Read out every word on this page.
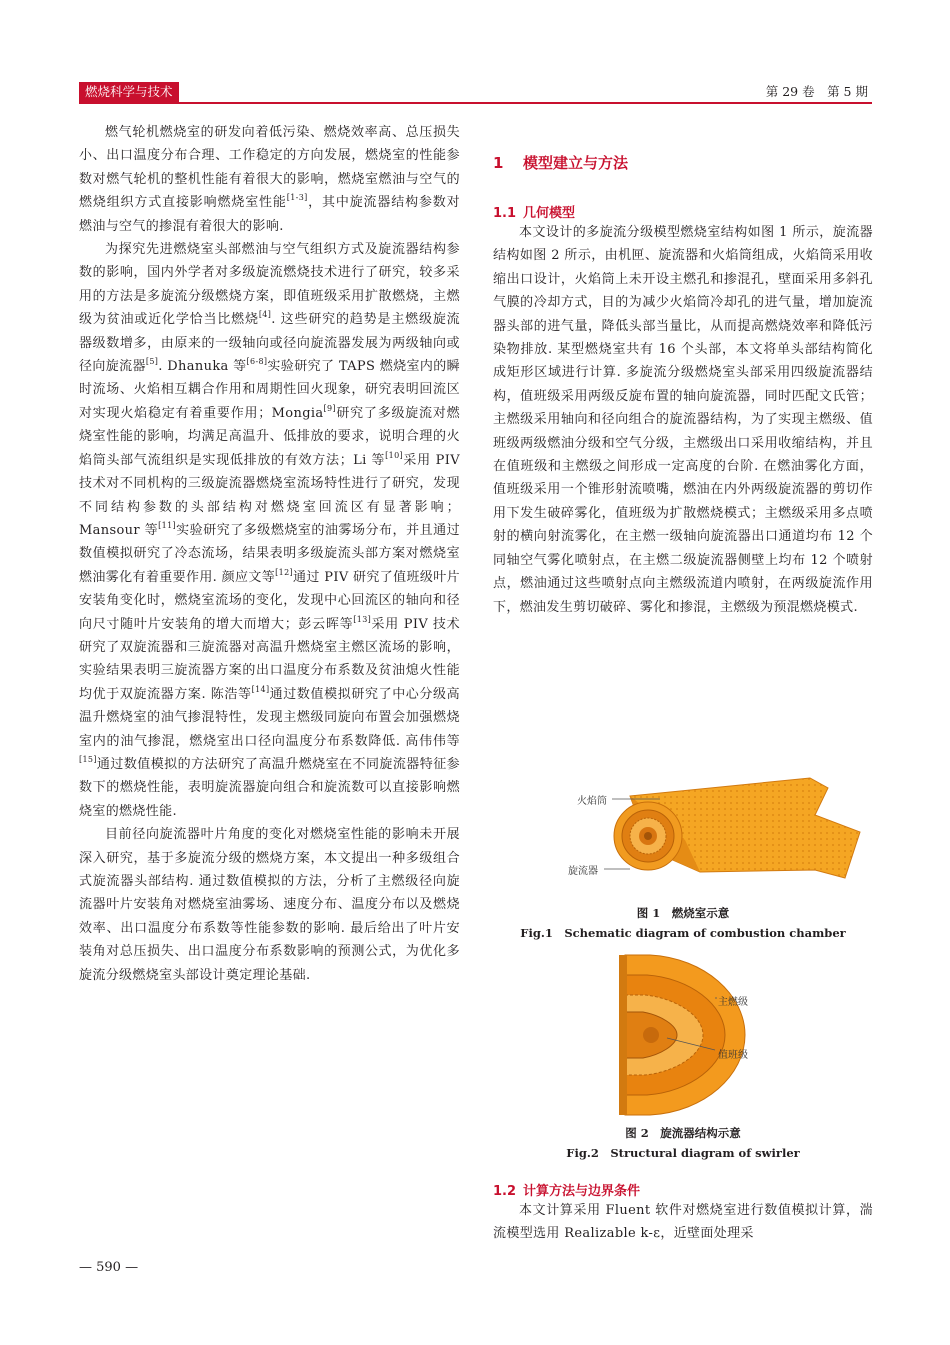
燃烧科学与技术	第 29 卷　第 5 期

燃气轮机燃烧室的研发向着低污染、燃烧效率高、总压损失小、出口温度分布合理、工作稳定的方向发展，燃烧室的性能参数对燃气轮机的整机性能有着很大的影响，燃烧室燃油与空气的燃烧组织方式直接影响燃烧室性能[1-3]，其中旋流器结构参数对燃油与空气的掺混有着很大的影响.

为探究先进燃烧室头部燃油与空气组织方式及旋流器结构参数的影响，国内外学者对多级旋流燃烧技术进行了研究，较多采用的方法是多旋流分级燃烧方案，即值班级采用扩散燃烧，主燃级为贫油或近化学恰当比燃烧[4]. 这些研究的趋势是主燃级旋流器级数增多，由原来的一级轴向或径向旋流器发展为两级轴向或径向旋流器[5]. Dhanuka 等[6-8]实验研究了 TAPS 燃烧室内的瞬时流场、火焰相互耦合作用和周期性回火现象，研究表明回流区对实现火焰稳定有着重要作用；Mongia[9]研究了多级旋流对燃烧室性能的影响，均满足高温升、低排放的要求，说明合理的火焰筒头部气流组织是实现低排放的有效方法；Li 等[10]采用 PIV 技术对不同机构的三级旋流器燃烧室流场特性进行了研究，发现不同结构参数的头部结构对燃烧室回流区有显著影响；Mansour 等[11]实验研究了多级燃烧室的油雾场分布，并且通过数值模拟研究了冷态流场，结果表明多级旋流头部方案对燃烧室燃油雾化有着重要作用. 颜应文等[12]通过 PIV 研究了值班级叶片安装角变化时，燃烧室流场的变化，发现中心回流区的轴向和径向尺寸随叶片安装角的增大而增大；彭云晖等[13]采用 PIV 技术研究了双旋流器和三旋流器对高温升燃烧室主燃区流场的影响，实验结果表明三旋流器方案的出口温度分布系数及贫油熄火性能均优于双旋流器方案. 陈浩等[14]通过数值模拟研究了中心分级高温升燃烧室的油气掺混特性，发现主燃级同旋向布置会加强燃烧室内的油气掺混，燃烧室出口径向温度分布系数降低. 高伟伟等[15]通过数值模拟的方法研究了高温升燃烧室在不同旋流器特征参数下的燃烧性能，表明旋流器旋向组合和旋流数可以直接影响燃烧室的燃烧性能.

目前径向旋流器叶片角度的变化对燃烧室性能的影响未开展深入研究，基于多旋流分级的燃烧方案，本文提出一种多级组合式旋流器头部结构. 通过数值模拟的方法，分析了主燃级径向旋流器叶片安装角对燃烧室油雾场、速度分布、温度分布以及燃烧效率、出口温度分布系数等性能参数的影响. 最后给出了叶片安装角对总压损失、出口温度分布系数影响的预测公式，为优化多旋流分级燃烧室头部设计奠定理论基础.

1 模型建立与方法
1.1 几何模型

本文设计的多旋流分级模型燃烧室结构如图 1 所示，旋流器结构如图 2 所示，由机匣、旋流器和火焰筒组成，火焰筒采用收缩出口设计，火焰筒上未开设主燃孔和掺混孔，壁面采用多斜孔气膜的冷却方式，目的为减少火焰筒冷却孔的进气量，增加旋流器头部的进气量，降低头部当量比，从而提高燃烧效率和降低污染物排放. 某型燃烧室共有 16 个头部，本文将单头部结构简化成矩形区域进行计算. 多旋流分级燃烧室头部采用四级旋流器结构，值班级采用两级反旋布置的轴向旋流器，同时匹配文氏管；主燃级采用轴向和径向组合的旋流器结构，为了实现主燃级、值班级两级燃油分级和空气分级，主燃级出口采用收缩结构，并且在值班级和主燃级之间形成一定高度的台阶. 在燃油雾化方面，值班级采用一个锥形射流喷嘴，燃油在内外两级旋流器的剪切作用下发生破碎雾化，值班级为扩散燃烧模式；主燃级采用多点喷射的横向射流雾化，在主燃一级轴向旋流器出口通道均布 12 个同轴空气雾化喷射点，在主燃二级旋流器侧壁上均布 12 个喷射点，燃油通过这些喷射点向主燃级流道内喷射，在两级旋流作用下，燃油发生剪切破碎、雾化和掺混，主燃级为预混燃烧模式.

火焰筒
旋流器
图 1　燃烧室示意
Fig.1　Schematic diagram of combustion chamber
主燃级
值班级
图 2　旋流器结构示意
Fig.2　Structural diagram of swirler
1.2 计算方法与边界条件

本文计算采用 Fluent 软件对燃烧室进行数值模拟计算，湍流模型选用 Realizable k-ε，近壁面处理采

— 590 —
